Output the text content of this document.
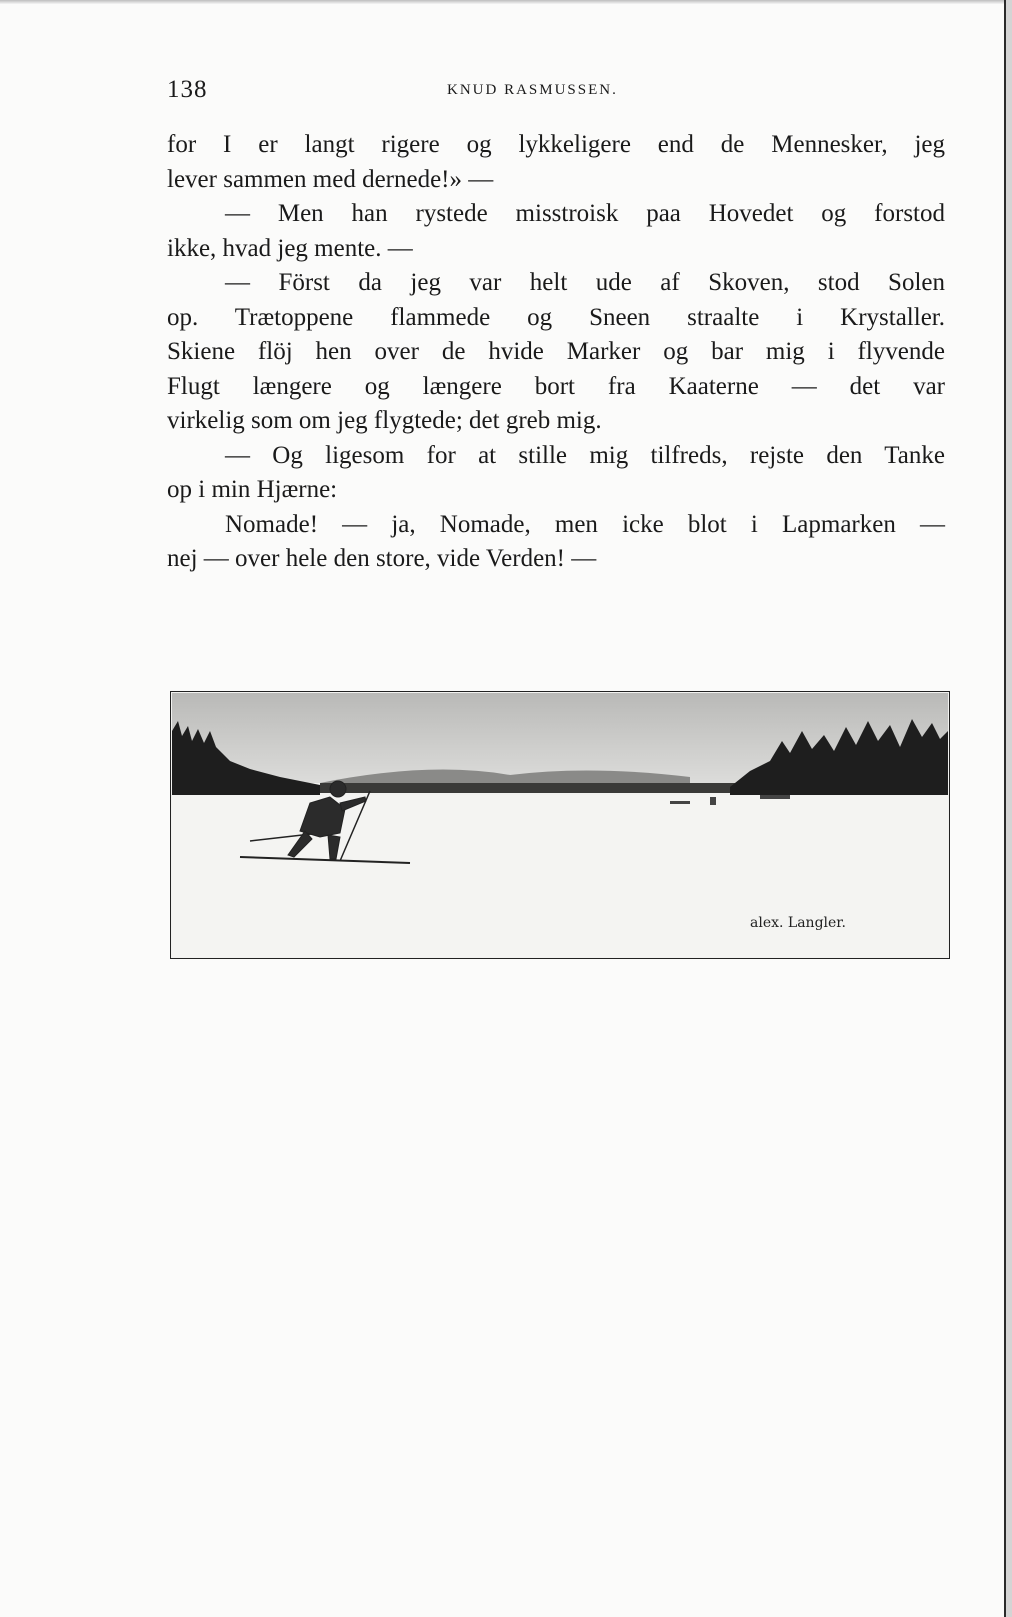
138	KNUD RASMUSSEN.

for I er langt rigere og lykkeligere end de Mennesker, jeg

lever sammen med dernede!» —

— Men han rystede misstroisk paa Hovedet og forstod

ikke, hvad jeg mente. —

— Först da jeg var helt ude af Skoven, stod Solen

op. Trætoppene flammede og Sneen straalte i Krystaller.

Skiene flöj hen over de hvide Marker og bar mig i flyvende

Flugt længere og længere bort fra Kaaterne — det var

virkelig som om jeg flygtede; det greb mig.

— Og ligesom for at stille mig tilfreds, rejste den Tanke

op i min Hjærne:

Nomade! — ja, Nomade, men icke blot i Lapmarken —

nej — over hele den store, vide Verden! —

alex. Langler.
